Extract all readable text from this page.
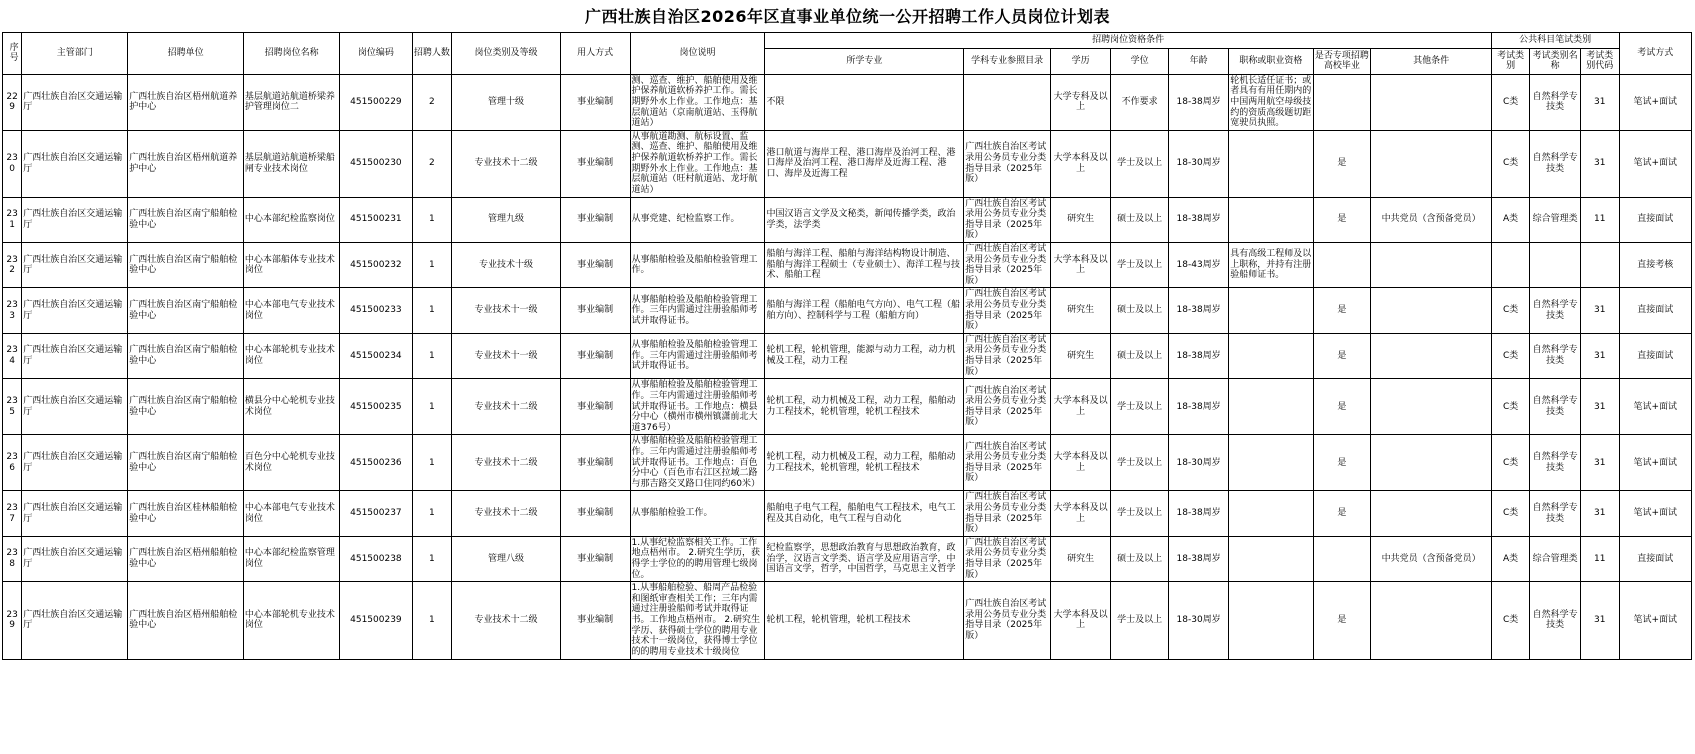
广西壮族自治区2026年区直事业单位统一公开招聘工作人员岗位计划表
序号	主管部门	招聘单位	招聘岗位名称	岗位编码	招聘人数	岗位类别及等级	用人方式	岗位说明	招聘岗位资格条件								公共科目笔试类别			考试方式
									所学专业	学科专业参照目录	学历	学位	年龄	职称或职业资格	是否专项招聘高校毕业	其他条件	考试类别	考试类别名称	考试类别代码	

229	广西壮族自治区交通运输厅	广西壮族自治区梧州航道养护中心	基层航道站航道桥梁养护管理岗位二	451500229	2	管理十级	事业编制	测、巡查、维护、船舶使用及维护保养航道软桥养护工作。需长期野外水上作业。工作地点：基层航道站（京南航道站、玉得航道站）	不限		大学专科及以上	不作要求	18-38周岁	轮机长适任证书；或者具有有用任期内的中国两用航空母级技约的资质高级题切距宽驶员执照。			C类	自然科学专技类	31	笔试+面试
230	广西壮族自治区交通运输厅	广西壮族自治区梧州航道养护中心	基层航道站航道桥梁船闸专业技术岗位	451500230	2	专业技术十二级	事业编制	从事航道勘测、航标设置、监测、巡查、维护、船舶使用及维护保养航道软桥养护工作。需长期野外水上作业。工作地点：基层航道站（旺村航道站、龙圩航道站）	港口航道与海岸工程、港口海岸及治河工程、港口海岸及治河工程、港口海岸及近海工程、港口、海岸及近海工程	广西壮族自治区考试录用公务员专业分类指导目录（2025年版）	大学本科及以上	学士及以上	18-30周岁		是		C类	自然科学专技类	31	笔试+面试
231	广西壮族自治区交通运输厅	广西壮族自治区南宁船舶检验中心	中心本部纪检监察岗位	451500231	1	管理九级	事业编制	从事党建、纪检监察工作。	中国汉语言文学及文秘类，新闻传播学类，政治学类，法学类	广西壮族自治区考试录用公务员专业分类指导目录（2025年版）	研究生	硕士及以上	18-38周岁		是	中共党员（含预备党员）	A类	综合管理类	11	直接面试
232	广西壮族自治区交通运输厅	广西壮族自治区南宁船舶检验中心	中心本部船体专业技术岗位	451500232	1	专业技术十级	事业编制	从事船舶检验及船舶检验管理工作。	船舶与海洋工程、船舶与海洋结构物设计制造、船舶与海洋工程硕士（专业硕士）、海洋工程与技术、船舶工程	广西壮族自治区考试录用公务员专业分类指导目录（2025年版）	大学本科及以上	学士及以上	18-43周岁	具有高级工程师及以上职称，并持有注册验船师证书。						直接考核
233	广西壮族自治区交通运输厅	广西壮族自治区南宁船舶检验中心	中心本部电气专业技术岗位	451500233	1	专业技术十一级	事业编制	从事船舶检验及船舶检验管理工作。三年内需通过注册验船师考试并取得证书。	船舶与海洋工程（船舶电气方向）、电气工程（船舶方向）、控制科学与工程（船舶方向）	广西壮族自治区考试录用公务员专业分类指导目录（2025年版）	研究生	硕士及以上	18-38周岁		是		C类	自然科学专技类	31	直接面试
234	广西壮族自治区交通运输厅	广西壮族自治区南宁船舶检验中心	中心本部轮机专业技术岗位	451500234	1	专业技术十一级	事业编制	从事船舶检验及船舶检验管理工作。三年内需通过注册验船师考试并取得证书。	轮机工程，轮机管理，能源与动力工程，动力机械及工程，动力工程	广西壮族自治区考试录用公务员专业分类指导目录（2025年版）	研究生	硕士及以上	18-38周岁		是		C类	自然科学专技类	31	直接面试
235	广西壮族自治区交通运输厅	广西壮族自治区南宁船舶检验中心	横县分中心轮机专业技术岗位	451500235	1	专业技术十二级	事业编制	从事船舶检验及船舶检验管理工作。三年内需通过注册验船师考试并取得证书。工作地点：横县分中心（横州市横州镇潇前北大道376号）	轮机工程，动力机械及工程，动力工程，船舶动力工程技术，轮机管理，轮机工程技术	广西壮族自治区考试录用公务员专业分类指导目录（2025年版）	大学本科及以上	学士及以上	18-38周岁		是		C类	自然科学专技类	31	笔试+面试
236	广西壮族自治区交通运输厅	广西壮族自治区南宁船舶检验中心	百色分中心轮机专业技术岗位	451500236	1	专业技术十二级	事业编制	从事船舶检验及船舶检验管理工作。三年内需通过注册验船师考试并取得证书。工作地点：百色分中心（百色市右江区拉域二路与那吉路交叉路口住同约60米）	轮机工程，动力机械及工程，动力工程，船舶动力工程技术，轮机管理，轮机工程技术	广西壮族自治区考试录用公务员专业分类指导目录（2025年版）	大学本科及以上	学士及以上	18-30周岁		是		C类	自然科学专技类	31	笔试+面试
237	广西壮族自治区交通运输厅	广西壮族自治区桂林船舶检验中心	中心本部电气专业技术岗位	451500237	1	专业技术十二级	事业编制	从事船舶检验工作。	船舶电子电气工程，船舶电气工程技术，电气工程及其自动化，电气工程与自动化	广西壮族自治区考试录用公务员专业分类指导目录（2025年版）	大学本科及以上	学士及以上	18-38周岁		是		C类	自然科学专技类	31	笔试+面试
238	广西壮族自治区交通运输厅	广西壮族自治区梧州船舶检验中心	中心本部纪检监察管理岗位	451500238	1	管理八级	事业编制	1.从事纪检监察相关工作。工作地点梧州市。 2.研究生学历，获得学士学位的的聘用管理七级岗位。	纪检监察学，思想政治教育与思想政治教育，政治学，汉语言文学类、语言学及应用语言学，中国语言文学，哲学，中国哲学，马克思主义哲学	广西壮族自治区考试录用公务员专业分类指导目录（2025年版）	研究生	硕士及以上	18-38周岁			中共党员（含预备党员）	A类	综合管理类	11	直接面试
239	广西壮族自治区交通运输厅	广西壮族自治区梧州船舶检验中心	中心本部轮机专业技术岗位	451500239	1	专业技术十二级	事业编制	1.从事船舶检验、船周产品检验和图纸审查相关工作；三年内需通过注册验船师考试并取得证书。工作地点梧州市。 2.研究生学历、获得硕士学位的聘用专业技术十一级岗位，获得博士学位的的聘用专业技术十级岗位	轮机工程，轮机管理，轮机工程技术	广西壮族自治区考试录用公务员专业分类指导目录（2025年版）	大学本科及以上	学士及以上	18-30周岁		是		C类	自然科学专技类	31	笔试+面试
